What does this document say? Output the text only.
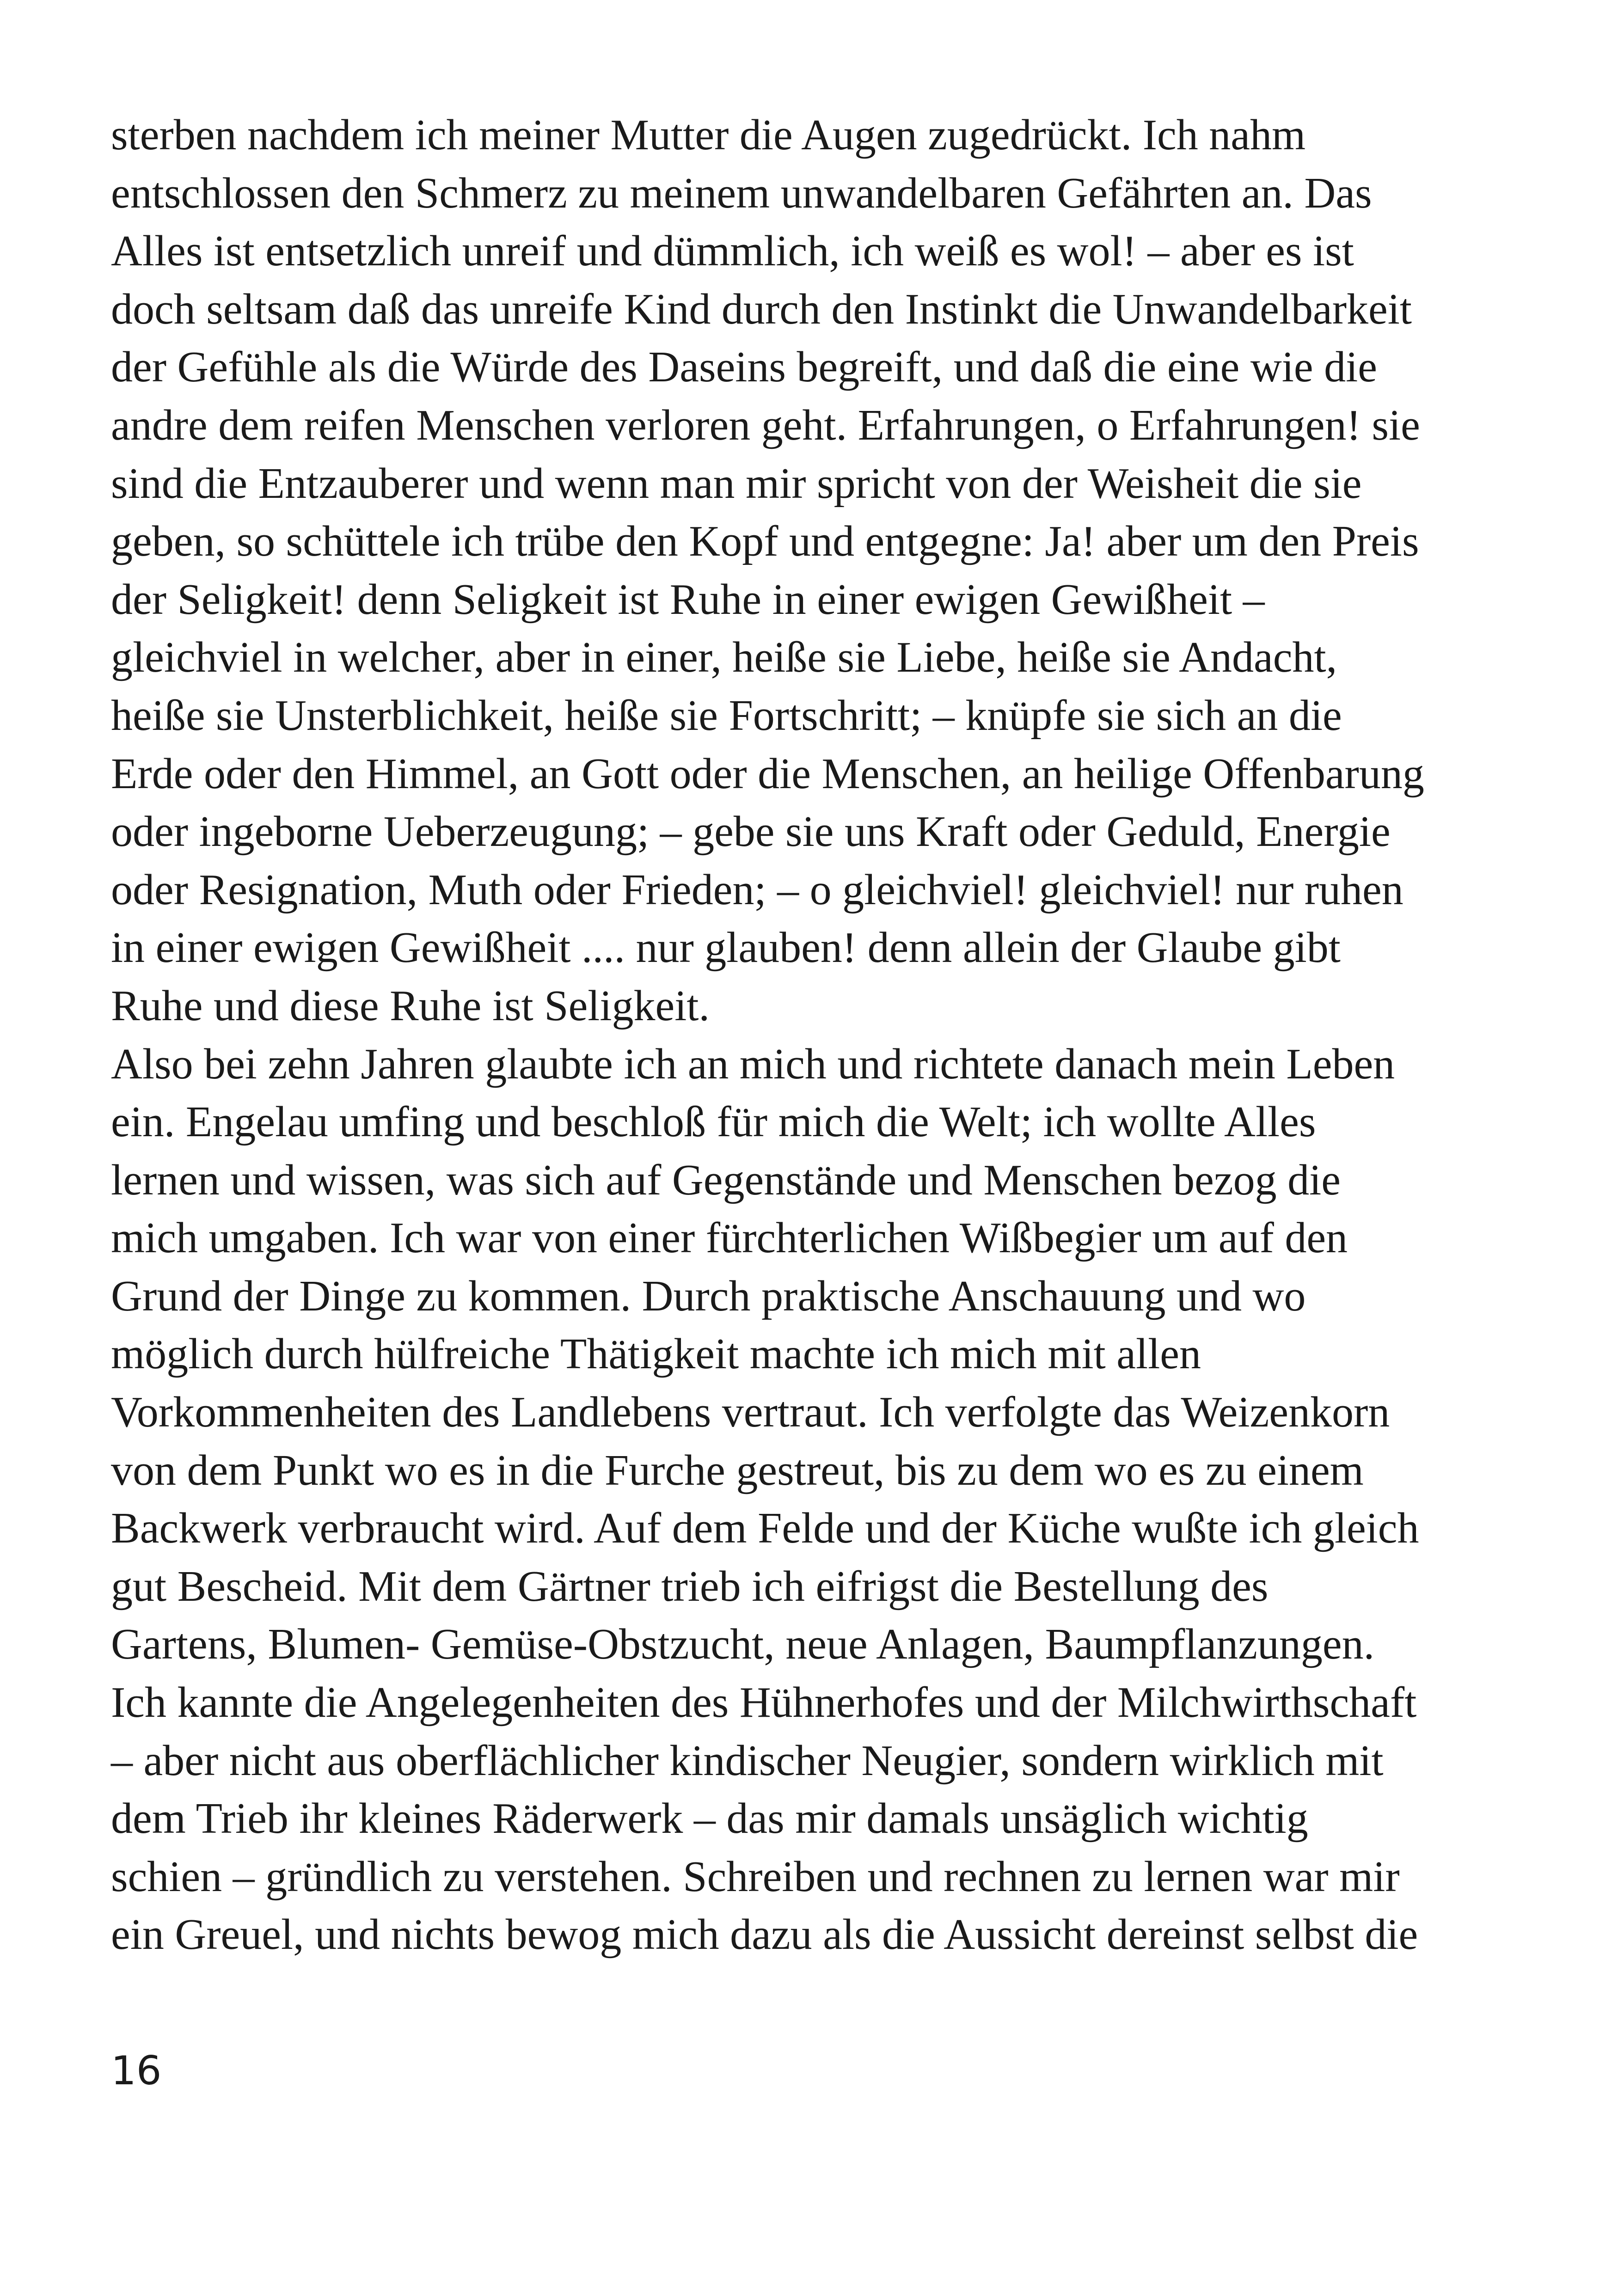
sterben nachdem ich meiner Mutter die Augen zugedrückt. Ich nahm
entschlossen den Schmerz zu meinem unwandelbaren Gefährten an. Das
Alles ist entsetzlich unreif und dümmlich, ich weiß es wol! – aber es ist
doch seltsam daß das unreife Kind durch den Instinkt die Unwandelbarkeit
der Gefühle als die Würde des Daseins begreift, und daß die eine wie die
andre dem reifen Menschen verloren geht. Erfahrungen, o Erfahrungen! sie
sind die Entzauberer und wenn man mir spricht von der Weisheit die sie
geben, so schüttele ich trübe den Kopf und entgegne: Ja! aber um den Preis
der Seligkeit! denn Seligkeit ist Ruhe in einer ewigen Gewißheit –
gleichviel in welcher, aber in einer, heiße sie Liebe, heiße sie Andacht,
heiße sie Unsterblichkeit, heiße sie Fortschritt; – knüpfe sie sich an die
Erde oder den Himmel, an Gott oder die Menschen, an heilige Offenbarung
oder ingeborne Ueberzeugung; – gebe sie uns Kraft oder Geduld, Energie
oder Resignation, Muth oder Frieden; – o gleichviel! gleichviel! nur ruhen
in einer ewigen Gewißheit .... nur glauben! denn allein der Glaube gibt
Ruhe und diese Ruhe ist Seligkeit.
Also bei zehn Jahren glaubte ich an mich und richtete danach mein Leben
ein. Engelau umfing und beschloß für mich die Welt; ich wollte Alles
lernen und wissen, was sich auf Gegenstände und Menschen bezog die
mich umgaben. Ich war von einer fürchterlichen Wißbegier um auf den
Grund der Dinge zu kommen. Durch praktische Anschauung und wo
möglich durch hülfreiche Thätigkeit machte ich mich mit allen
Vorkommenheiten des Landlebens vertraut. Ich verfolgte das Weizenkorn
von dem Punkt wo es in die Furche gestreut, bis zu dem wo es zu einem
Backwerk verbraucht wird. Auf dem Felde und der Küche wußte ich gleich
gut Bescheid. Mit dem Gärtner trieb ich eifrigst die Bestellung des
Gartens, Blumen- Gemüse-Obstzucht, neue Anlagen, Baumpflanzungen.
Ich kannte die Angelegenheiten des Hühnerhofes und der Milchwirthschaft
– aber nicht aus oberflächlicher kindischer Neugier, sondern wirklich mit
dem Trieb ihr kleines Räderwerk – das mir damals unsäglich wichtig
schien – gründlich zu verstehen. Schreiben und rechnen zu lernen war mir
ein Greuel, und nichts bewog mich dazu als die Aussicht dereinst selbst die
16
